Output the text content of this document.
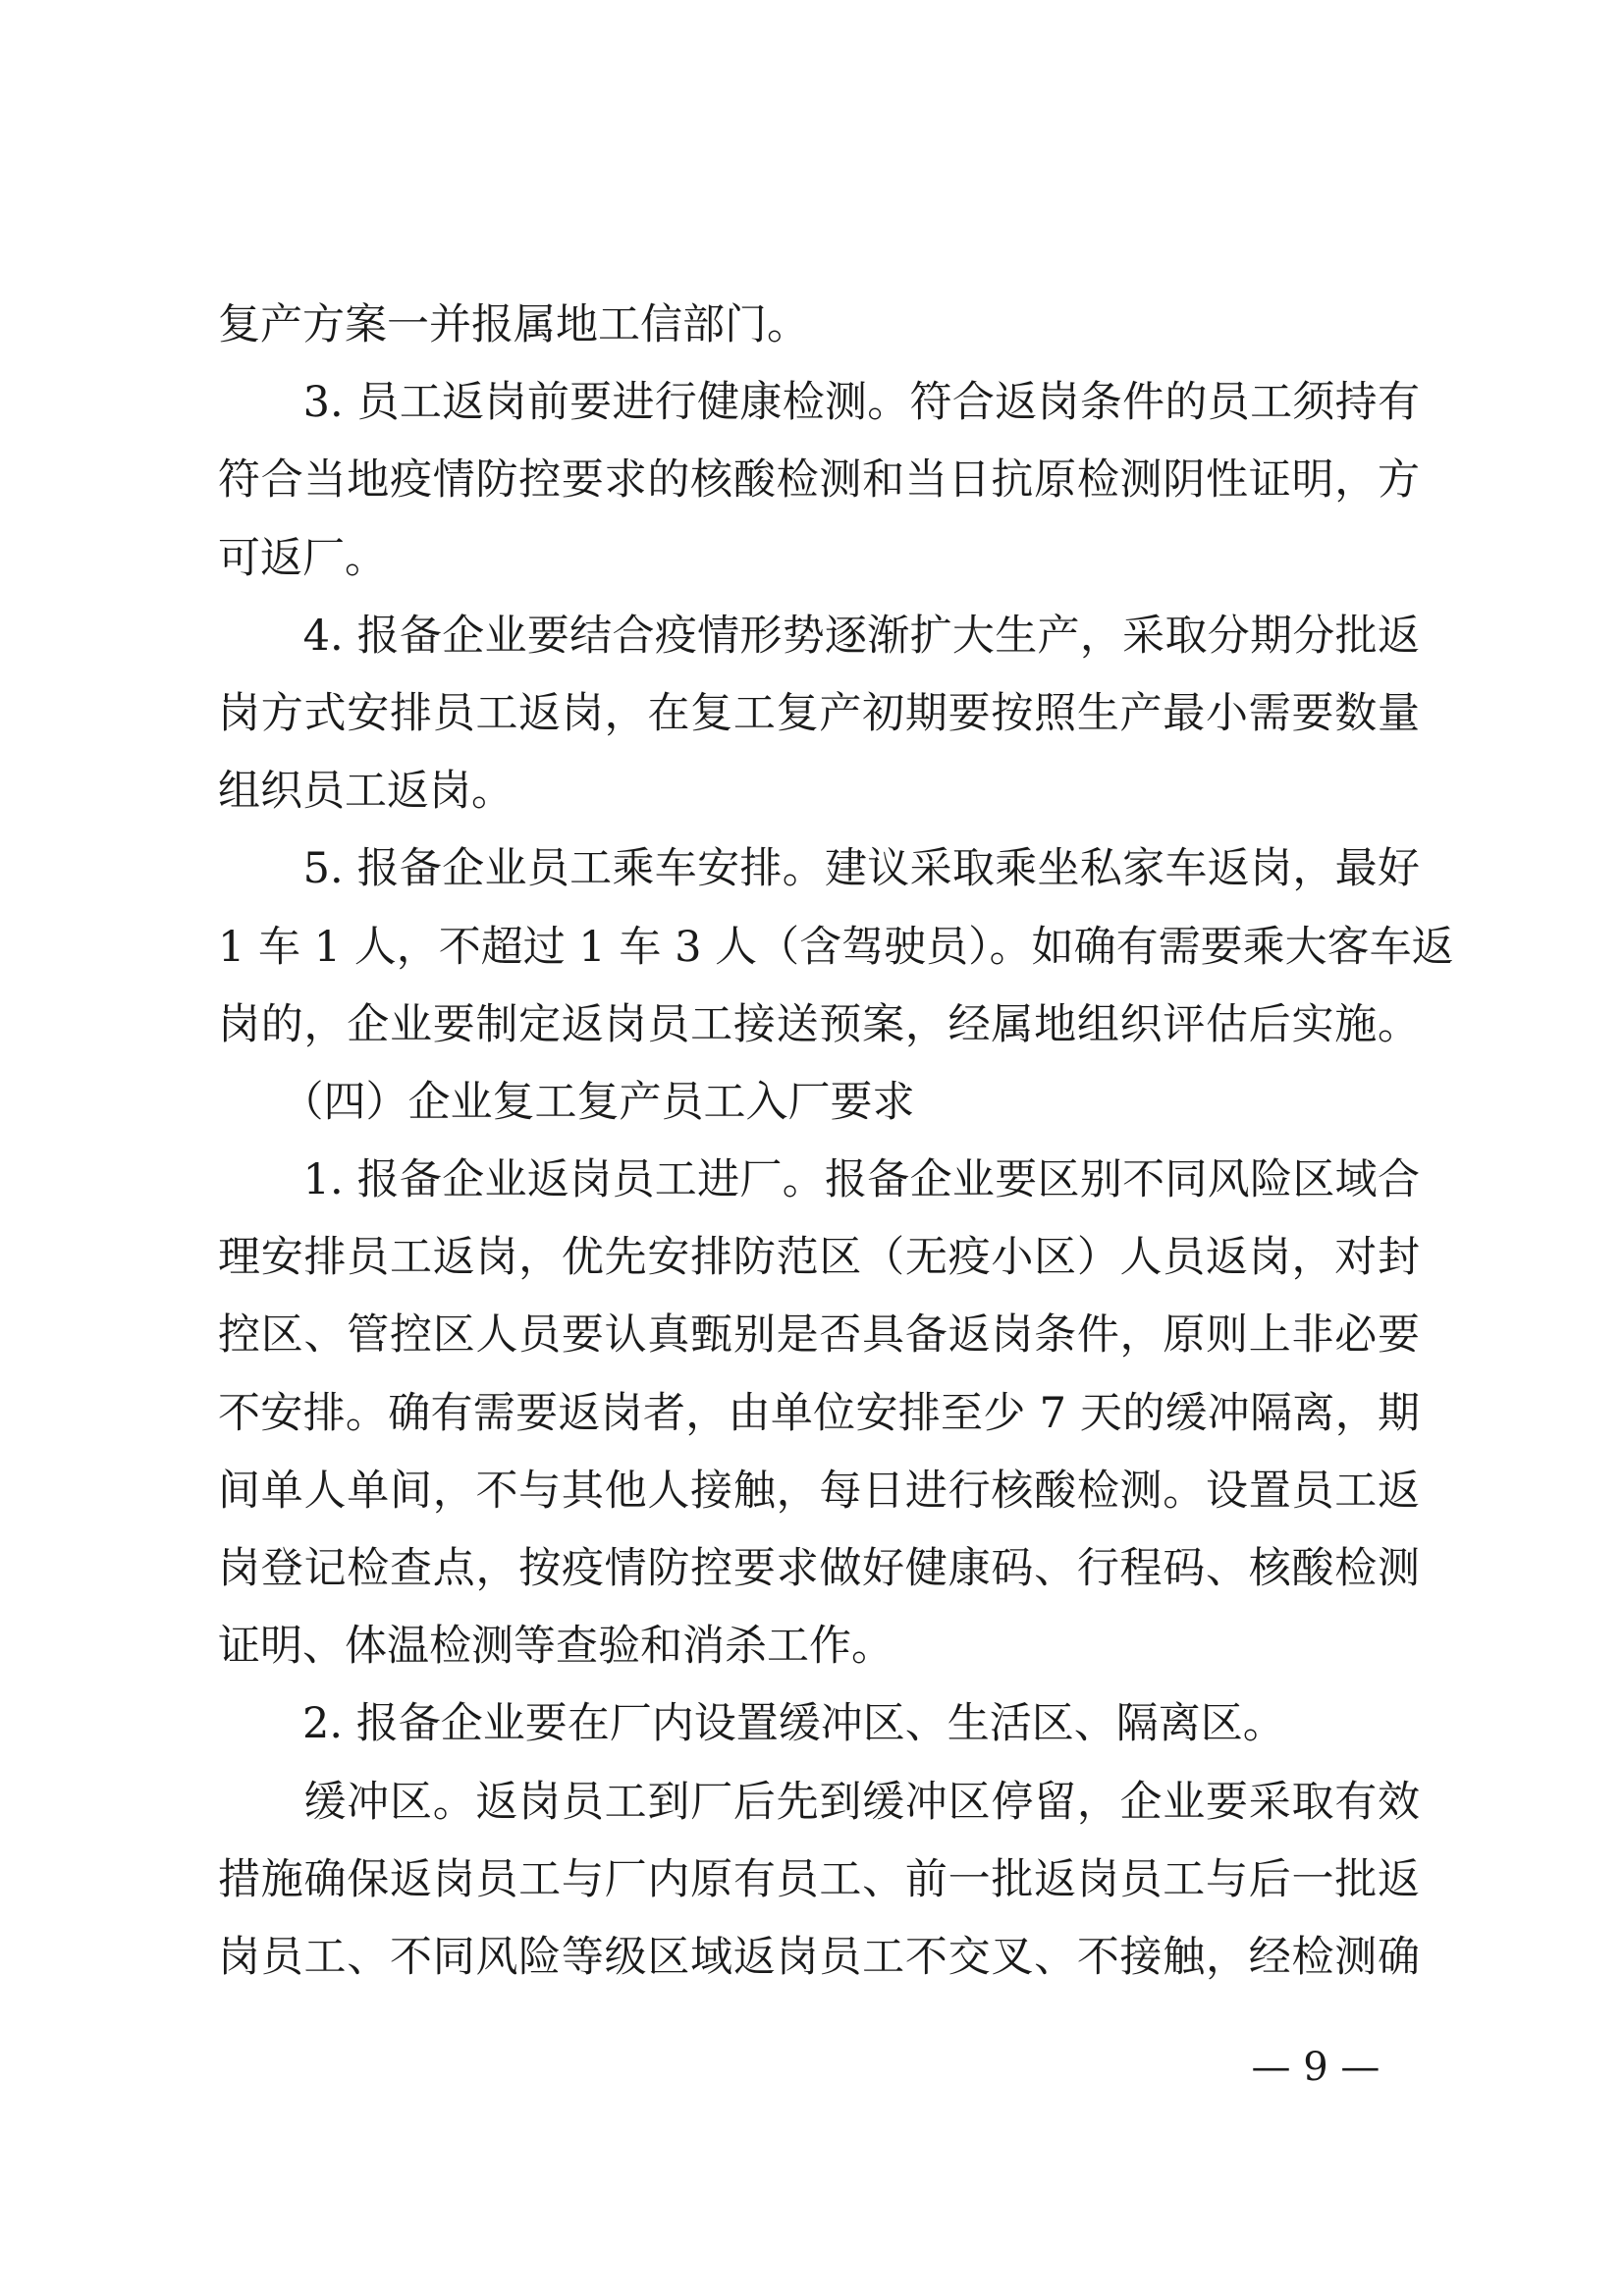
复产方案一并报属地工信部门。
　　3. 员工返岗前要进行健康检测。符合返岗条件的员工须持有
符合当地疫情防控要求的核酸检测和当日抗原检测阴性证明，方
可返厂。
　　4. 报备企业要结合疫情形势逐渐扩大生产，采取分期分批返
岗方式安排员工返岗，在复工复产初期要按照生产最小需要数量
组织员工返岗。
　　5. 报备企业员工乘车安排。建议采取乘坐私家车返岗，最好
1 车 1 人，不超过 1 车 3 人（含驾驶员）。如确有需要乘大客车返
岗的，企业要制定返岗员工接送预案，经属地组织评估后实施。
　　（四）企业复工复产员工入厂要求
　　1. 报备企业返岗员工进厂。报备企业要区别不同风险区域合
理安排员工返岗，优先安排防范区（无疫小区）人员返岗，对封
控区、管控区人员要认真甄别是否具备返岗条件，原则上非必要
不安排。确有需要返岗者，由单位安排至少 7 天的缓冲隔离，期
间单人单间，不与其他人接触，每日进行核酸检测。设置员工返
岗登记检查点，按疫情防控要求做好健康码、行程码、核酸检测
证明、体温检测等查验和消杀工作。
　　2. 报备企业要在厂内设置缓冲区、生活区、隔离区。
　　缓冲区。返岗员工到厂后先到缓冲区停留，企业要采取有效
措施确保返岗员工与厂内原有员工、前一批返岗员工与后一批返
岗员工、不同风险等级区域返岗员工不交叉、不接触，经检测确
— 9 —
